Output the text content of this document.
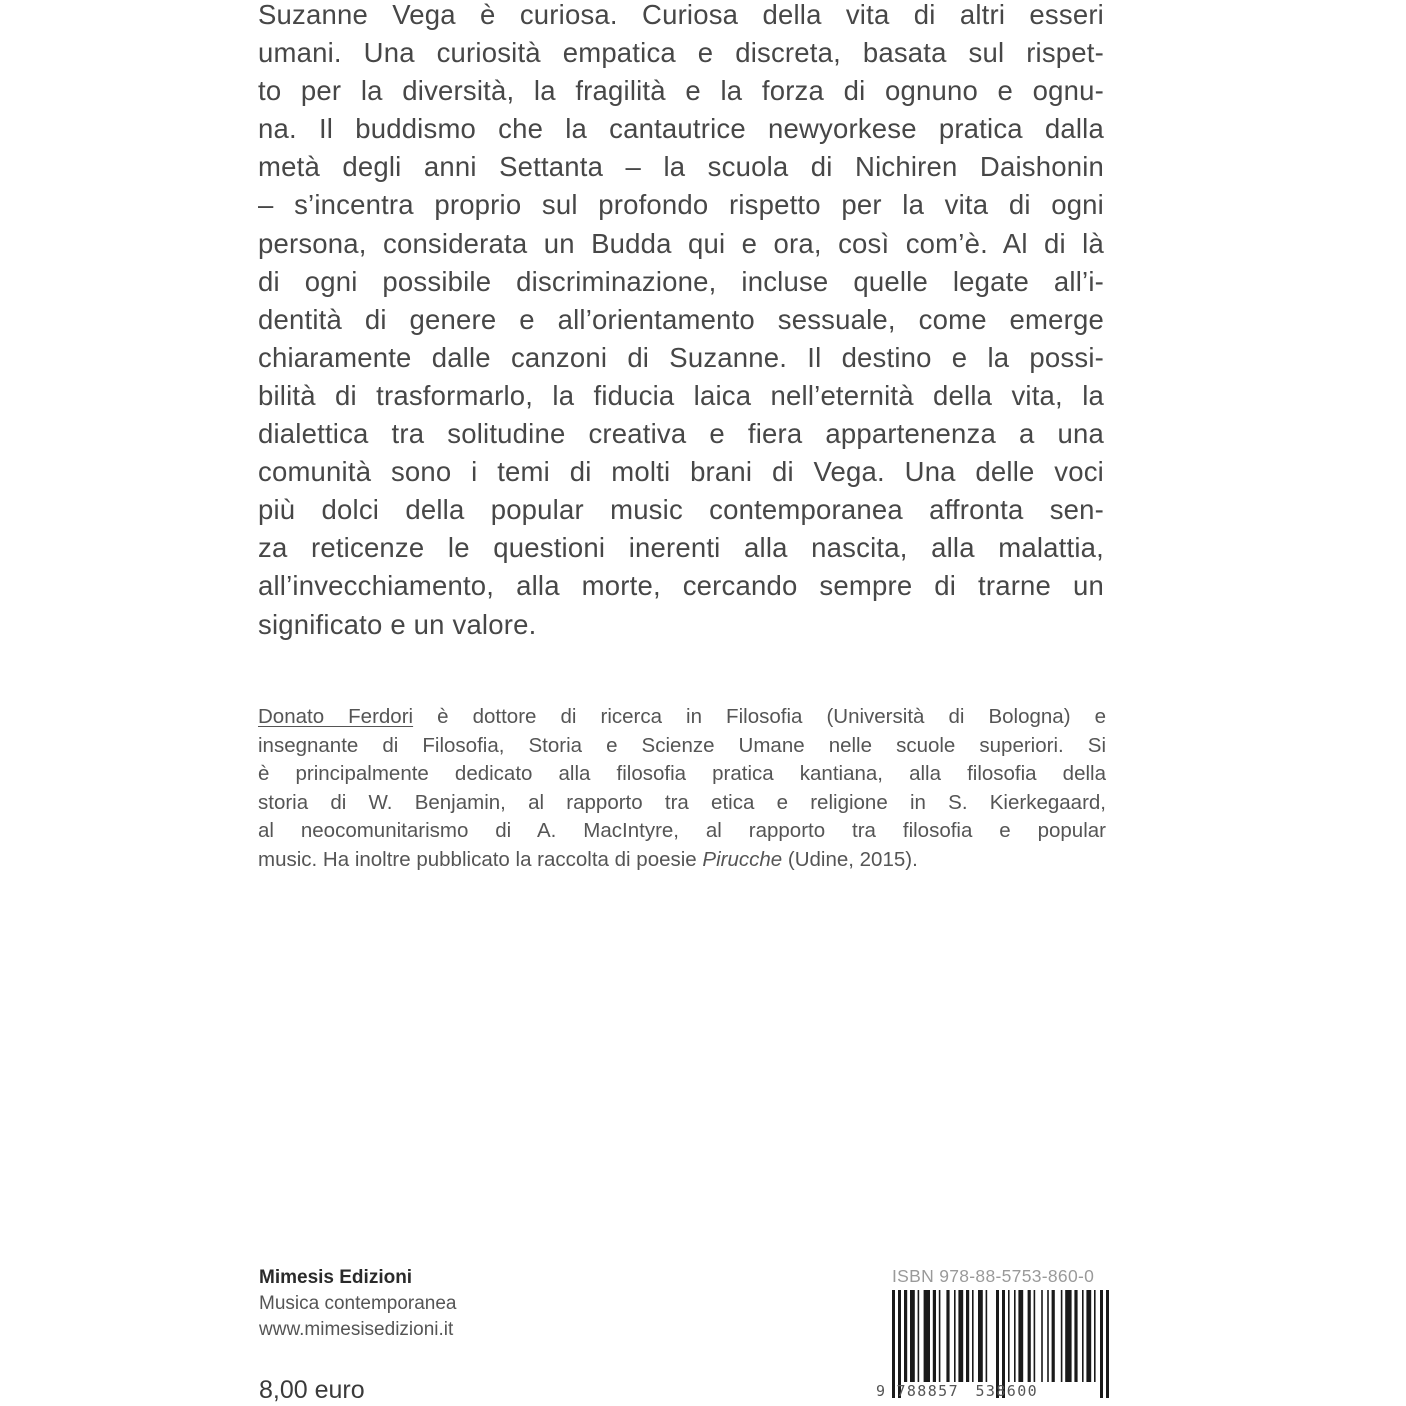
Suzanne Vega è curiosa. Curiosa della vita di altri esseri
umani. Una curiosità empatica e discreta, basata sul rispet-
to per la diversità, la fragilità e la forza di ognuno e ognu-
na. Il buddismo che la cantautrice newyorkese pratica dalla
metà degli anni Settanta – la scuola di Nichiren Daishonin
– s’incentra proprio sul profondo rispetto per la vita di ogni
persona, considerata un Budda qui e ora, così com’è. Al di là
di ogni possibile discriminazione, incluse quelle legate all’i-
dentità di genere e all’orientamento sessuale, come emerge
chiaramente dalle canzoni di Suzanne. Il destino e la possi-
bilità di trasformarlo, la fiducia laica nell’eternità della vita, la
dialettica tra solitudine creativa e fiera appartenenza a una
comunità sono i temi di molti brani di Vega. Una delle voci
più dolci della popular music contemporanea affronta sen-
za reticenze le questioni inerenti alla nascita, alla malattia,
all’invecchiamento, alla morte, cercando sempre di trarne un
significato e un valore.
Donato Ferdori è dottore di ricerca in Filosofia (Università di Bologna) e
insegnante di Filosofia, Storia e Scienze Umane nelle scuole superiori. Si
è principalmente dedicato alla filosofia pratica kantiana, alla filosofia della
storia di W. Benjamin, al rapporto tra etica e religione in S. Kierkegaard,
al neocomunitarismo di A. MacIntyre, al rapporto tra filosofia e popular
music. Ha inoltre pubblicato la raccolta di poesie Pirucche (Udine, 2015).
Mimesis Edizioni
Musica contemporanea
www.mimesisedizioni.it
8,00 euro
ISBN 978-88-5753-860-0
9 788857 538600
